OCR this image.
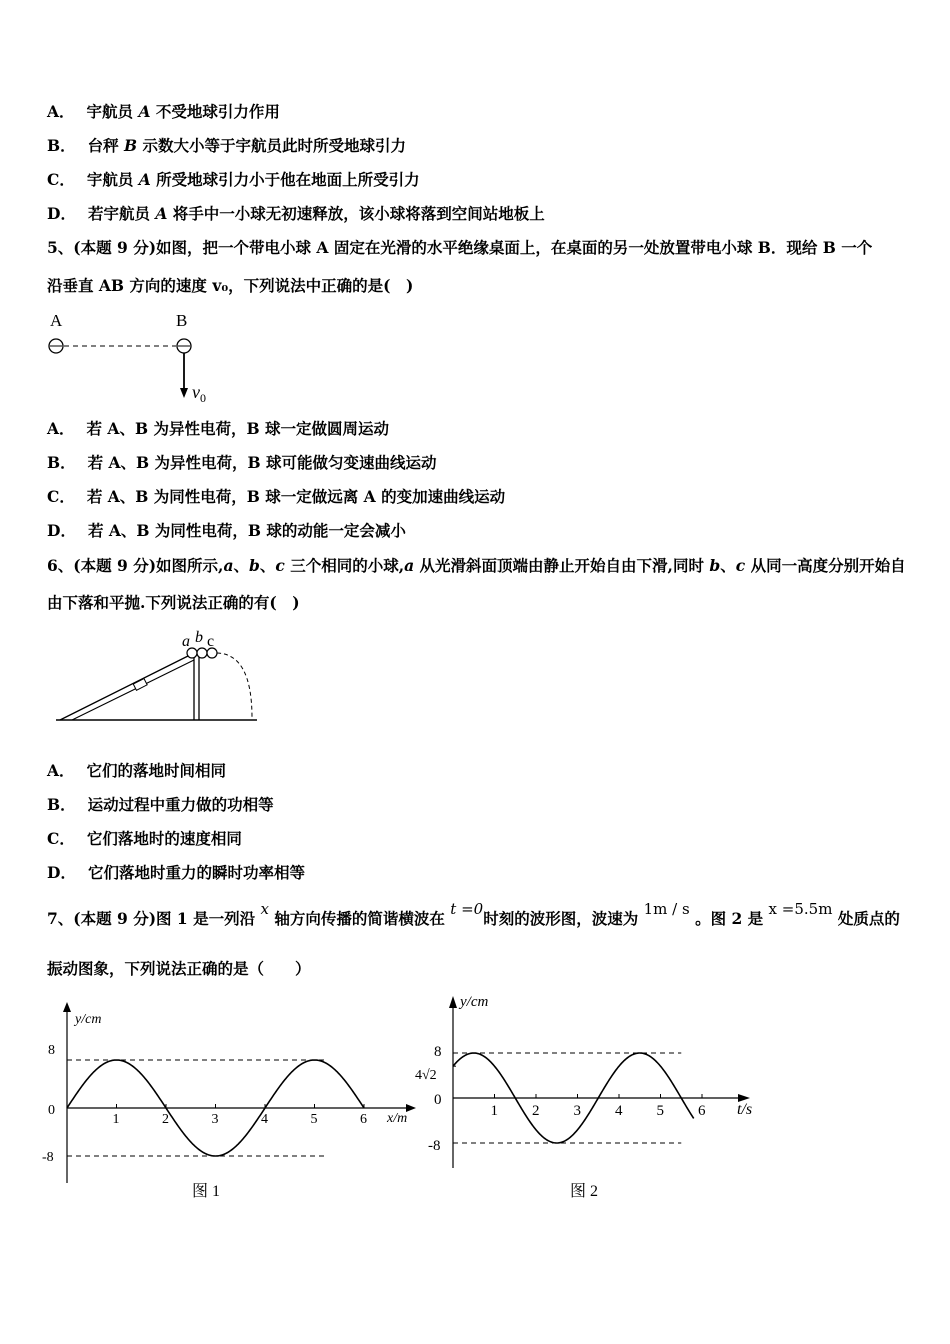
A． 宇航员 A 不受地球引力作用
B． 台秤 B 示数大小等于宇航员此时所受地球引力
C． 宇航员 A 所受地球引力小于他在地面上所受引力
D． 若宇航员 A 将手中一小球无初速释放，该小球将落到空间站地板上
5、(本题 9 分)如图，把一个带电小球 A 固定在光滑的水平绝缘桌面上，在桌面的另一处放置带电小球 B．现给 B 一个
沿垂直 AB 方向的速度 v₀，下列说法中正确的是(　)
A	B
$v_0$
A． 若 A、B 为异性电荷，B 球一定做圆周运动
B． 若 A、B 为异性电荷，B 球可能做匀变速曲线运动
C． 若 A、B 为同性电荷，B 球一定做远离 A 的变加速曲线运动
D． 若 A、B 为同性电荷，B 球的动能一定会减小
6、(本题 9 分)如图所示,a、b、c 三个相同的小球,a 从光滑斜面顶端由静止开始自由下滑,同时 b、c 从同一高度分别开始自
由下落和平抛.下列说法正确的有(　)
a b c
A． 它们的落地时间相同
B． 运动过程中重力做的功相等
C． 它们落地时的速度相同
D． 它们落地时重力的瞬时功率相等
7、(本题 9 分)图 1 是一列沿 x 轴方向传播的简谐横波在 t =0时刻的波形图，波速为 1m / s 。图 2 是 x =5.5m 处质点的
振动图象，下列说法正确的是（　　）
y/cm
x/m
8
0
-8
1	2	3	4	5	6
图 1
y/cm
t/s
8
4√2
0
-8
1 2 3 4 5 6
图 2
